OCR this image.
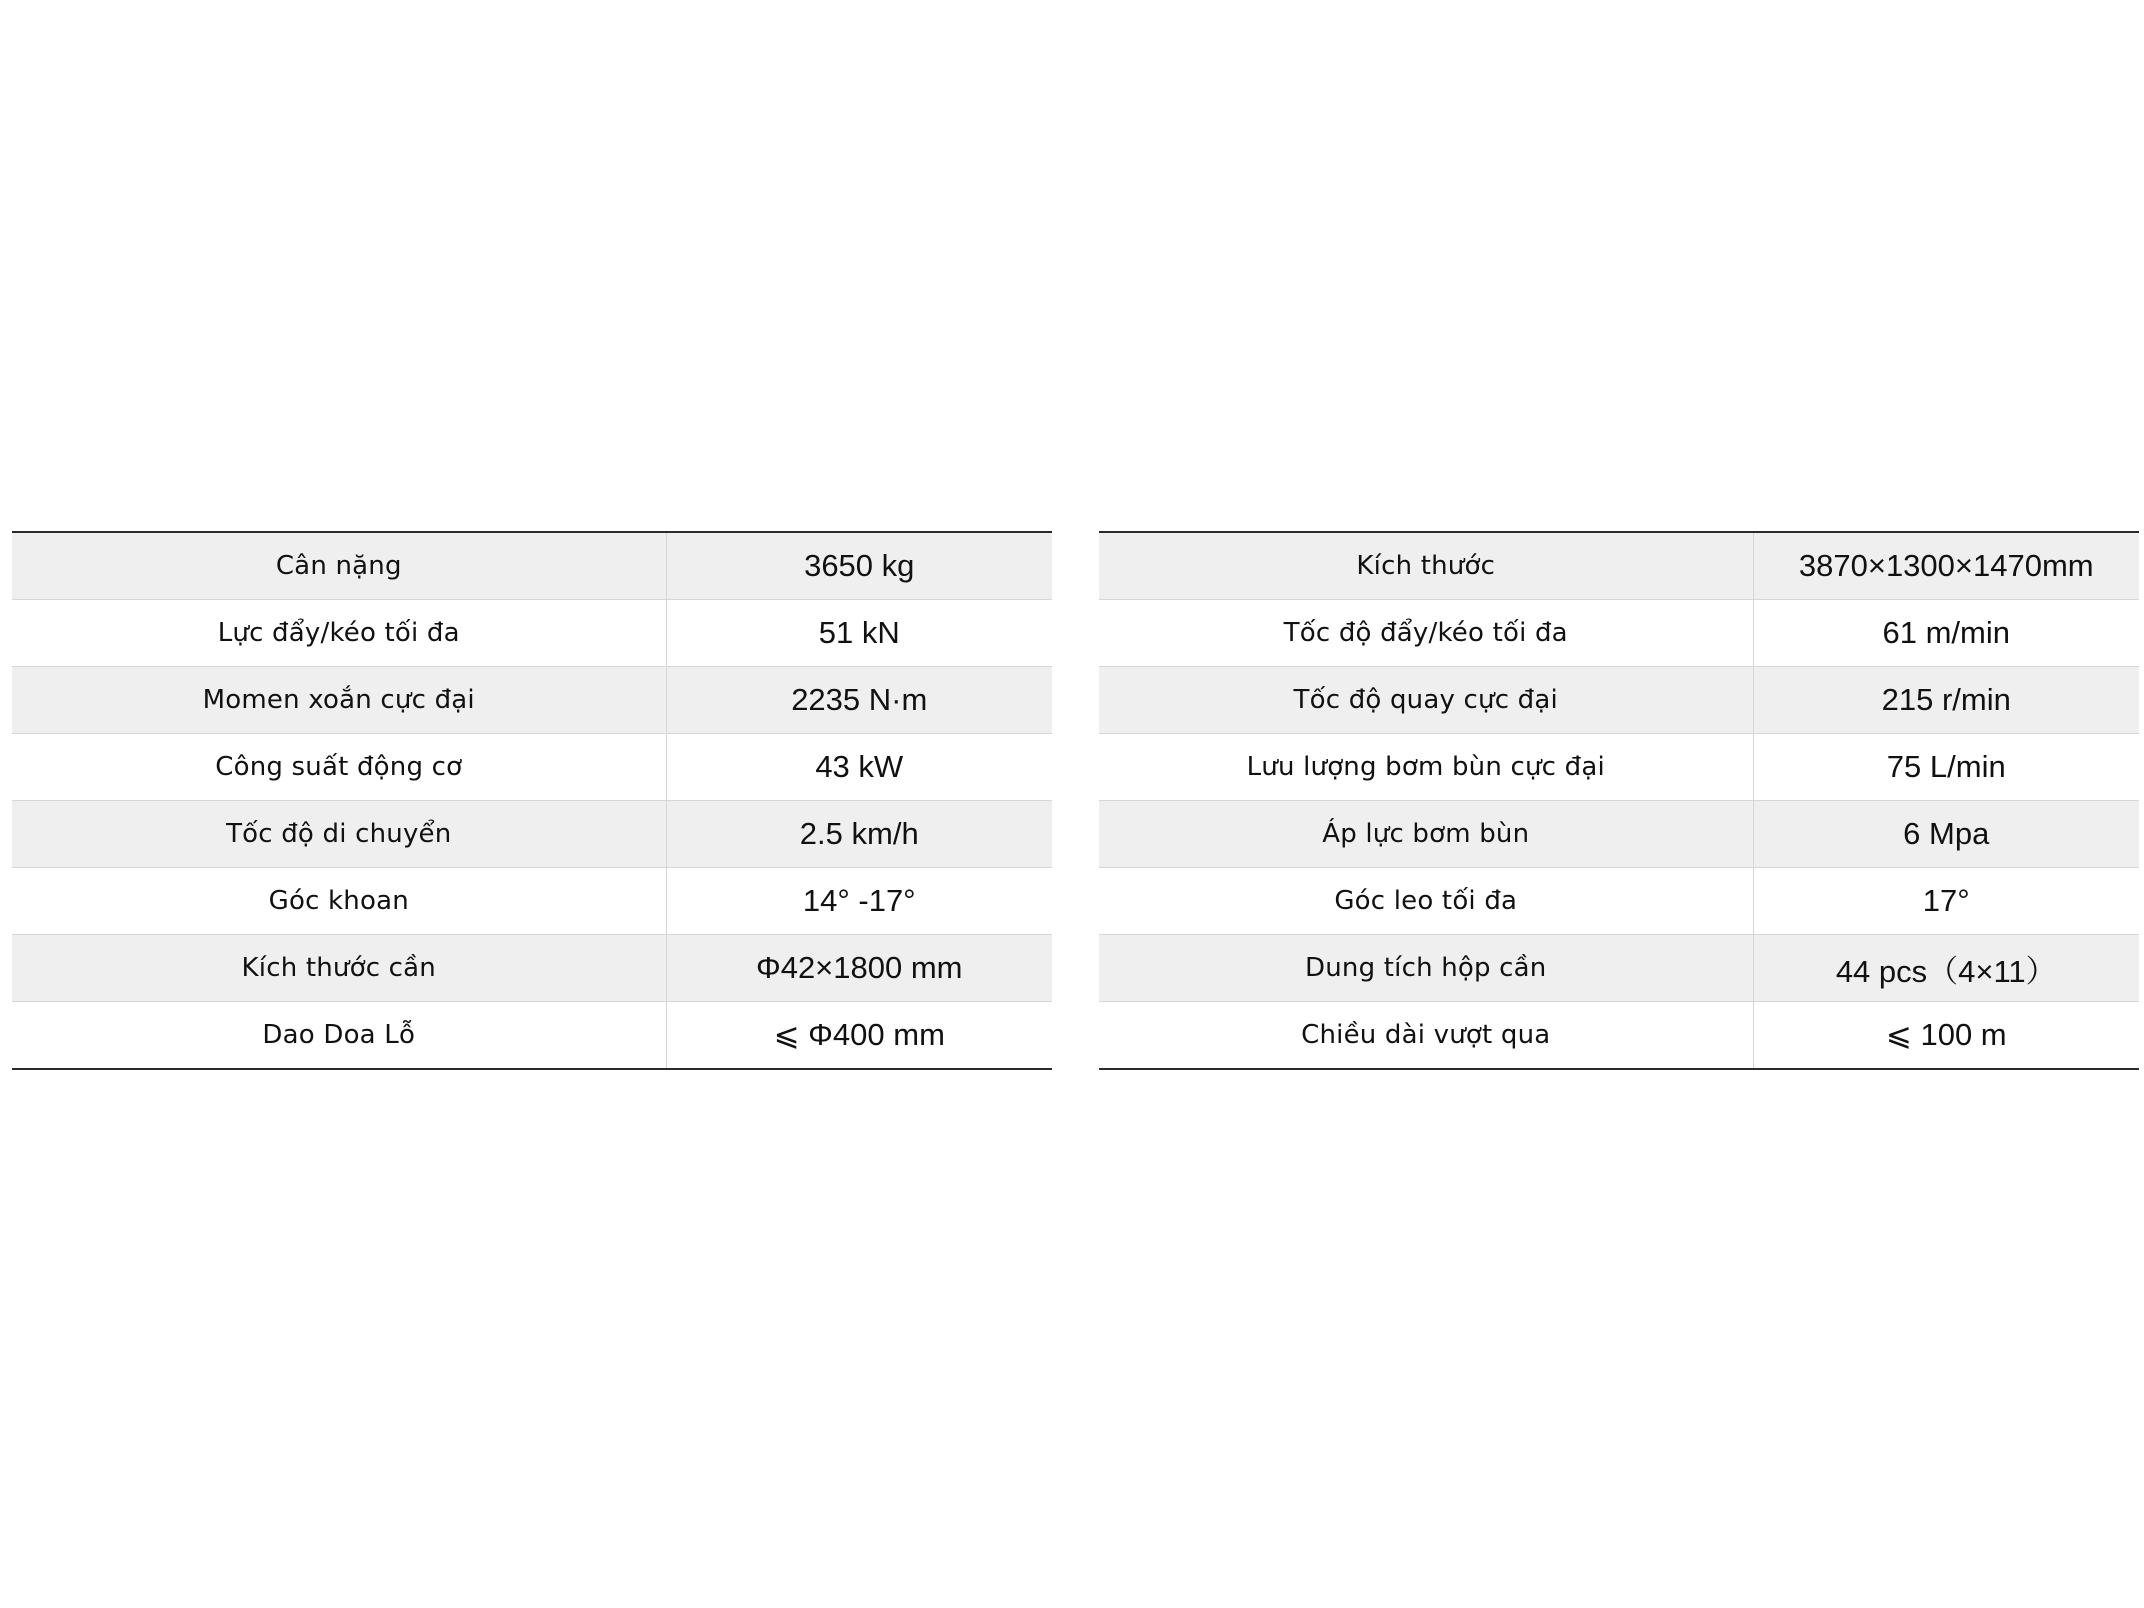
Cân nặng	3650 kg
Lực đẩy/kéo tối đa	51 kN
Momen xoắn cực đại	2235 N·m
Công suất động cơ	43 kW
Tốc độ di chuyển	2.5 km/h
Góc khoan	14° -17°
Kích thước cần	Φ42×1800 mm
Dao Doa Lỗ	⩽ Φ400 mm
Kích thước	3870×1300×1470mm
Tốc độ đẩy/kéo tối đa	61 m/min
Tốc độ quay cực đại	215 r/min
Lưu lượng bơm bùn cực đại	75 L/min
Áp lực bơm bùn	6 Mpa
Góc leo tối đa	17°
Dung tích hộp cần	44 pcs（4×11）
Chiều dài vượt qua	⩽ 100 m
